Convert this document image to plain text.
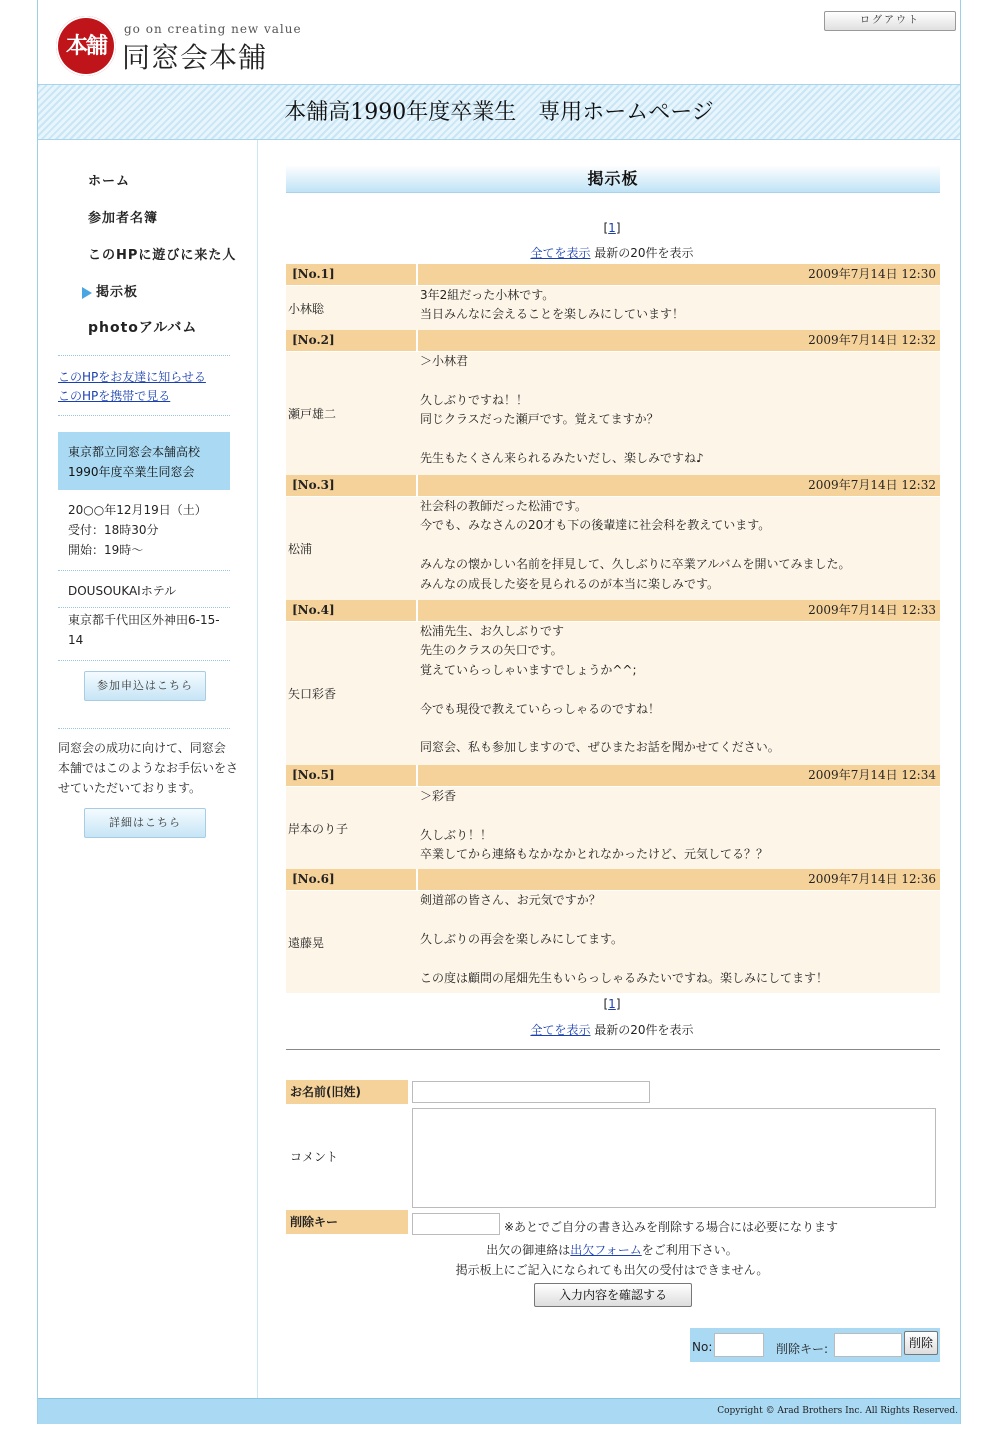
本舗
go on creating new value
同窓会本舗
ログアウト
本舗高1990年度卒業生　専用ホームページ
ホーム
参加者名簿
このHPに遊びに来た人
掲示板
photoアルバム
このHPをお友達に知らせる
このHPを携帯で見る
東京都立同窓会本舗高校
1990年度卒業生同窓会
20○○年12月19日（土）
受付：18時30分
開始：19時～
DOUSOUKAIホテル
東京都千代田区外神田6-15-
14
参加申込はこちら
同窓会の成功に向けて、同窓会
本舗ではこのようなお手伝いをさ
せていただいております。
詳細はこちら
掲示板
[1]
全てを表示 最新の20件を表示
[No.1]	2009年7月14日 12:30
小林聡
3年2組だった小林です。
当日みんなに会えることを楽しみにしています！
[No.2]	2009年7月14日 12:32
瀬戸雄二
＞小林君

久しぶりですね！！
同じクラスだった瀬戸です。覚えてますか？

先生もたくさん来られるみたいだし、楽しみですね♪
[No.3]	2009年7月14日 12:32
松浦
社会科の教師だった松浦です。
今でも、みなさんの20才も下の後輩達に社会科を教えています。

みんなの懐かしい名前を拝見して、久しぶりに卒業アルバムを開いてみました。
みんなの成長した姿を見られるのが本当に楽しみです。
[No.4]	2009年7月14日 12:33
矢口彩香
松浦先生、お久しぶりです
先生のクラスの矢口です。
覚えていらっしゃいますでしょうか^^;

今でも現役で教えていらっしゃるのですね！

同窓会、私も参加しますので、ぜひまたお話を聞かせてください。
[No.5]	2009年7月14日 12:34
岸本のり子
＞彩香

久しぶり！！
卒業してから連絡もなかなかとれなかったけど、元気してる？？
[No.6]	2009年7月14日 12:36
遠藤晃
剣道部の皆さん、お元気ですか？

久しぶりの再会を楽しみにしてます。

この度は顧問の尾畑先生もいらっしゃるみたいですね。楽しみにしてます！
[1]
全てを表示 最新の20件を表示
お名前(旧姓)
コメント
削除キー	※あとでご自分の書き込みを削除する場合には必要になります
出欠の御連絡は出欠フォームをご利用下さい。
掲示板上にご記入になられても出欠の受付はできません。
入力内容を確認する
No:	削除キー:	削除
Copyright © Arad Brothers Inc. All Rights Reserved.
